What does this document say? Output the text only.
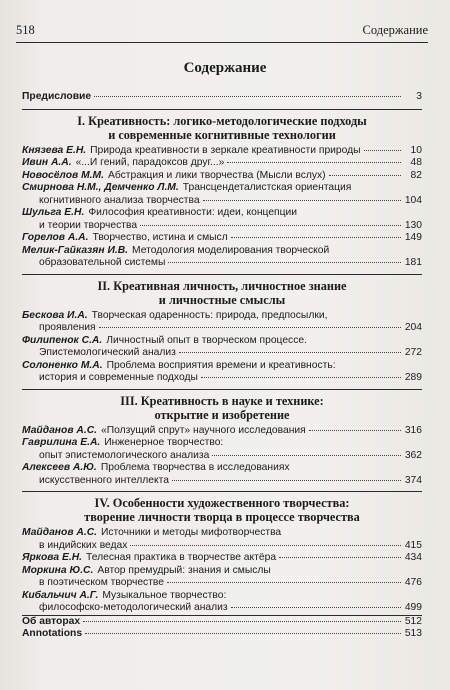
518	Содержание
Содержание
Предисловие	3
I. Креативность: логико-методологические подходы
и современные когнитивные технологии
Князева Е.Н. Природа креативности в зеркале креативности природы	10
Ивин А.А. «...И гений, парадоксов друг...»	48
Новосёлов М.М. Абстракция и лики творчества (Мысли вслух)	82
Смирнова Н.М., Демченко Л.М. Трансцендеталистская ориентация
когнитивного анализа творчества	104
Шульга Е.Н. Философия креативности: идеи, концепции
и теории творчества	130
Горелов А.А. Творчество, истина и смысл	149
Мелик-Гайказян И.В. Методология моделирования творческой
образовательной системы	181
II. Креативная личность, личностное знание
и личностные смыслы
Бескова И.А. Творческая одаренность: природа, предпосылки,
проявления	204
Филипенок С.А. Личностный опыт в творческом процессе.
Эпистемологический анализ	272
Солоненко М.А. Проблема восприятия времени и креативность:
история и современные подходы	289
III. Креативность в науке и технике:
открытие и изобретение
Майданов А.С. «Ползущий спрут» научного исследования	316
Гаврилина Е.А. Инженерное творчество:
опыт эпистемологического анализа	362
Алексеев А.Ю. Проблема творчества в исследованиях
искусственного интеллекта	374
IV. Особенности художественного творчества:
творение личности творца в процессе творчества
Майданов А.С. Источники и методы мифотворчества
в индийских ведах	415
Яркова Е.Н. Телесная практика в творчестве актёра	434
Моркина Ю.С. Автор премудрый: знания и смыслы
в поэтическом творчестве	476
Кибальчич А.Г. Музыкальное творчество:
философско-методологический анализ	499
Об авторах	512
Annotations	513
